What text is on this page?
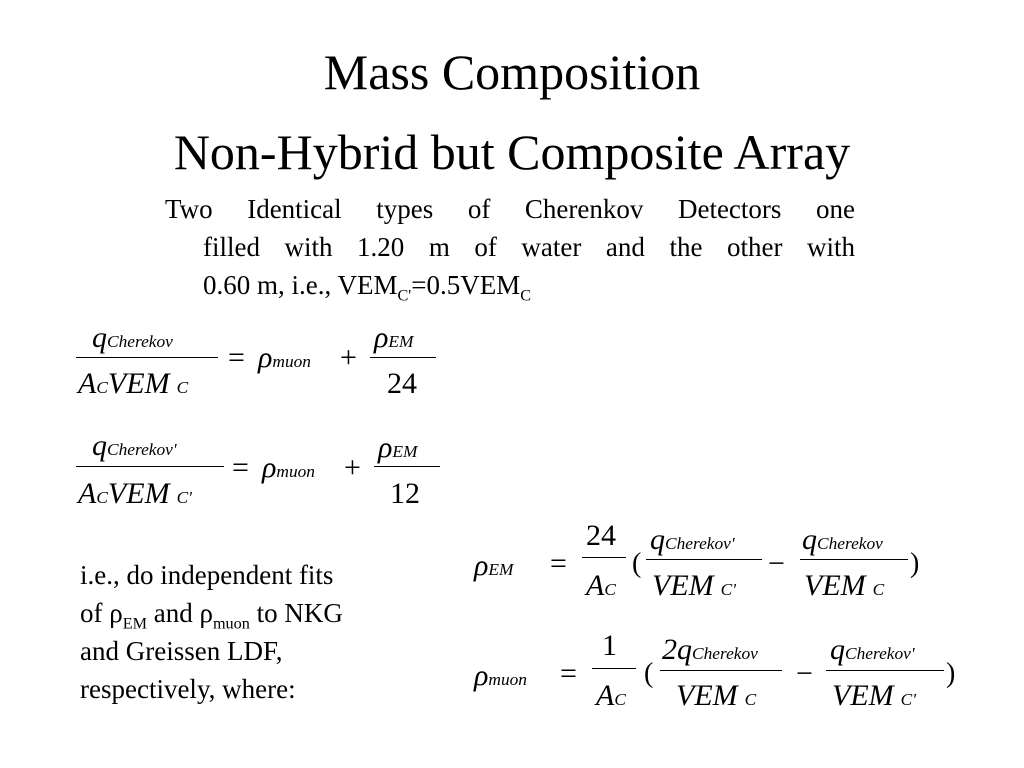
Mass Composition
Non-Hybrid but Composite Array
Two Identical types of Cherenkov Detectors one
filled with 1.20 m of water and the other with
0.60 m, i.e., $VEM_{C'}=0.5VEM_C$
qCherekov
ACVEM C
= ρmuon +
ρEM
24
qCherekov'
ACVEM C'
= ρmuon +
ρEM
12
ρEM =
24
AC
(
qCherekov'
VEM C'
−
qCherekov
VEM C
)
ρmuon =
1
AC
(
2qCherekov
VEM C
−
qCherekov'
VEM C'
)
i.e., do independent fits
of $\rho_{EM}$ and $\rho_{muon}$ to NKG
and Greissen LDF,
respectively, where:
